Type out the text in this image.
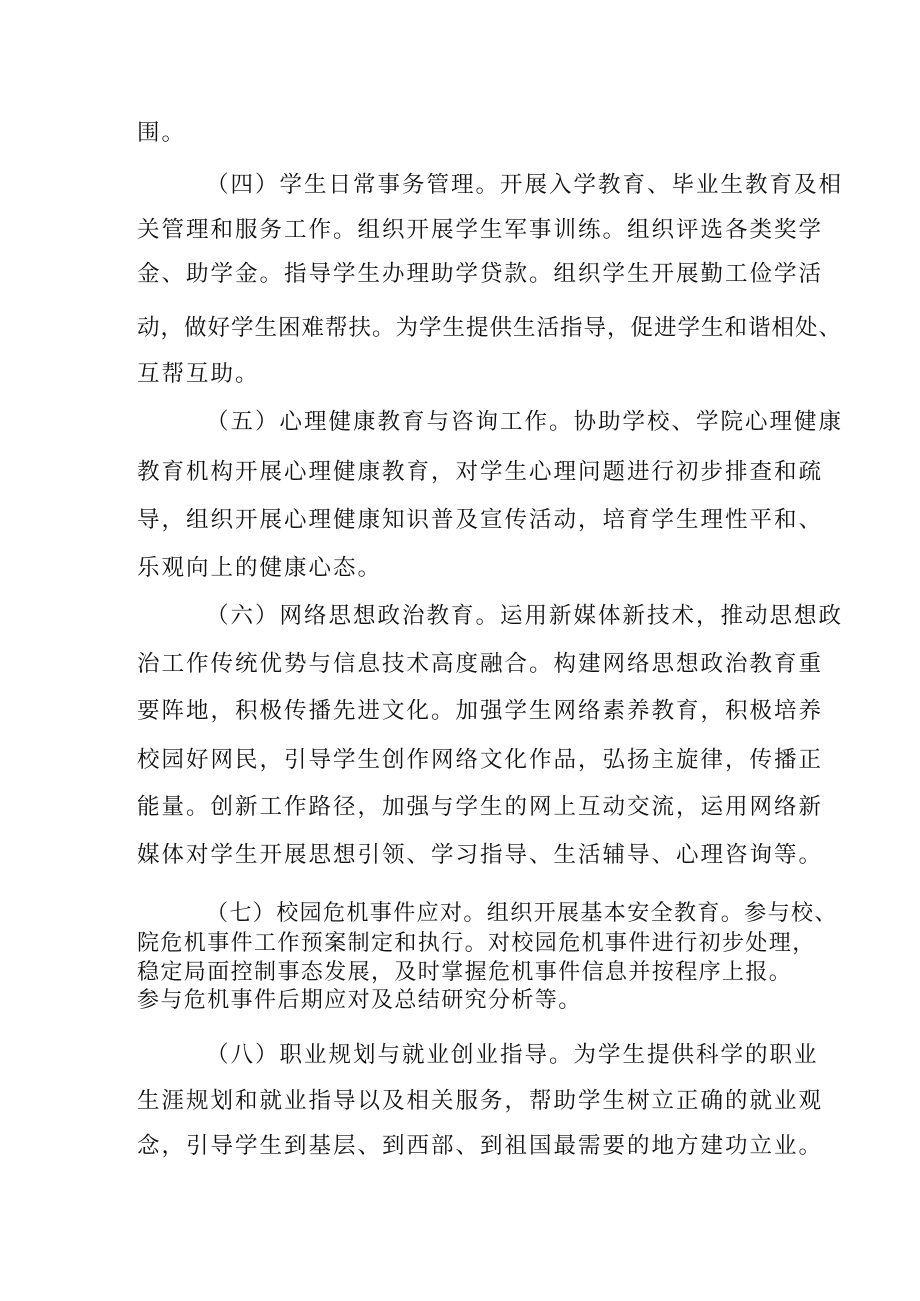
围。
（四）学生日常事务管理。开展入学教育、毕业生教育及相
关管理和服务工作。组织开展学生军事训练。组织评选各类奖学
金、助学金。指导学生办理助学贷款。组织学生开展勤工俭学活
动，做好学生困难帮扶。为学生提供生活指导，促进学生和谐相处、
互帮互助。
（五）心理健康教育与咨询工作。协助学校、学院心理健康
教育机构开展心理健康教育，对学生心理问题进行初步排查和疏
导，组织开展心理健康知识普及宣传活动，培育学生理性平和、
乐观向上的健康心态。
（六）网络思想政治教育。运用新媒体新技术，推动思想政
治工作传统优势与信息技术高度融合。构建网络思想政治教育重
要阵地，积极传播先进文化。加强学生网络素养教育，积极培养
校园好网民，引导学生创作网络文化作品，弘扬主旋律，传播正
能量。创新工作路径，加强与学生的网上互动交流，运用网络新
媒体对学生开展思想引领、学习指导、生活辅导、心理咨询等。
（七）校园危机事件应对。组织开展基本安全教育。参与校、
院危机事件工作预案制定和执行。对校园危机事件进行初步处理，
稳定局面控制事态发展，及时掌握危机事件信息并按程序上报。
参与危机事件后期应对及总结研究分析等。
（八）职业规划与就业创业指导。为学生提供科学的职业
生涯规划和就业指导以及相关服务，帮助学生树立正确的就业观
念，引导学生到基层、到西部、到祖国最需要的地方建功立业。
